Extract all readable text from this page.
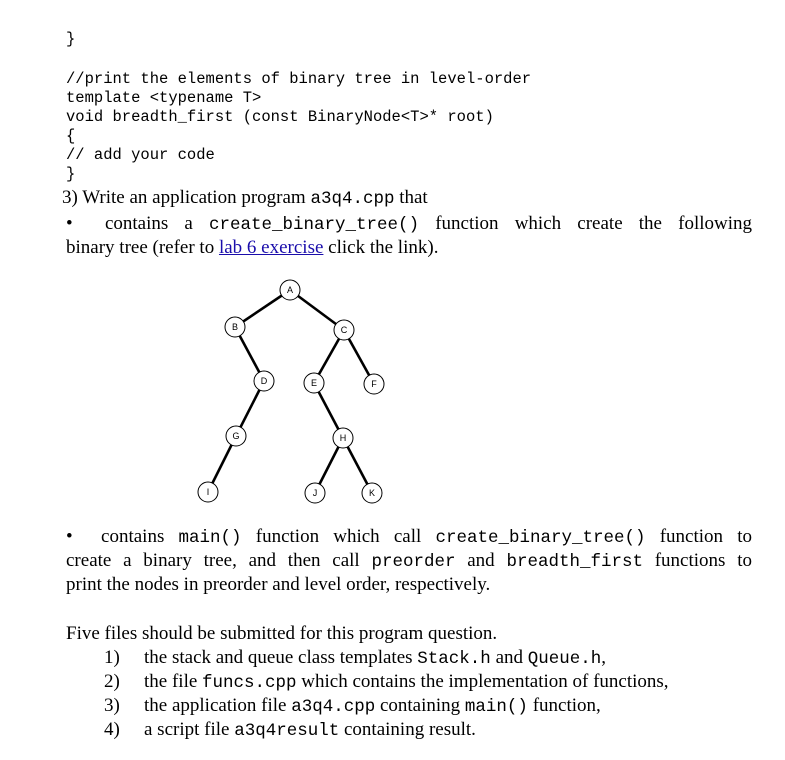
}
//print the elements of binary tree in level-order
template <typename T>
void breadth_first (const BinaryNode<T>* root)
{
// add your code
}
3) Write an application program a3q4.cpp that
• contains a create_binary_tree() function which create the following
binary tree (refer to lab 6 exercise click the link).
A
B	C
D	E	F
G	H
I	J	K
• contains main() function which call create_binary_tree() function to
create a binary tree, and then call preorder and breadth_first functions to
print the nodes in preorder and level order, respectively.
Five files should be submitted for this program question.
1) the stack and queue class templates Stack.h and Queue.h,
2) the file funcs.cpp which contains the implementation of functions,
3) the application file a3q4.cpp containing main() function,
4) a script file a3q4result containing result.
